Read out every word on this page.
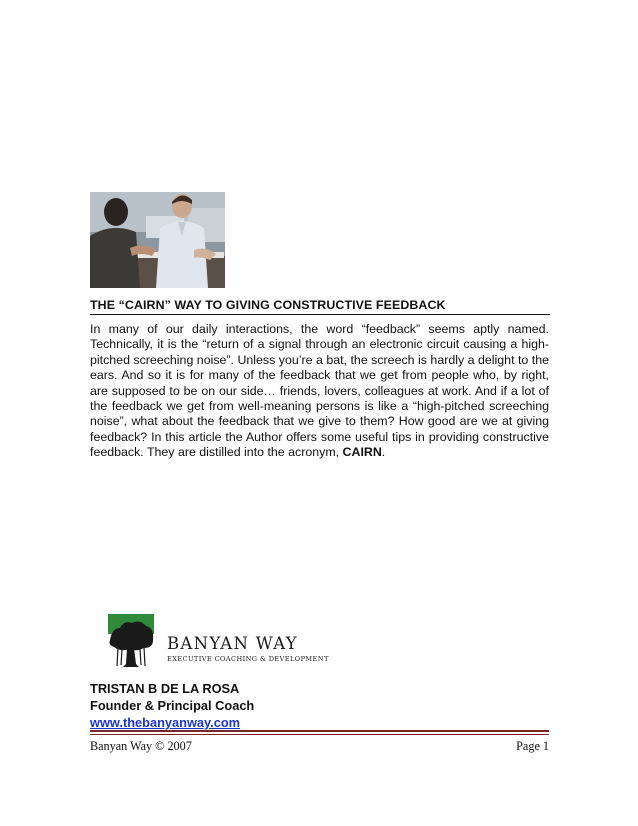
THE “CAIRN” WAY TO GIVING CONSTRUCTIVE FEEDBACK

In many of our daily interactions, the word “feedback” seems aptly named. Technically, it is the “return of a signal through an electronic circuit causing a high-pitched screeching noise”. Unless you’re a bat, the screech is hardly a delight to the ears. And so it is for many of the feedback that we get from people who, by right, are supposed to be on our side… friends, lovers, colleagues at work. And if a lot of the feedback we get from well-meaning persons is like a “high-pitched screeching noise”, what about the feedback that we give to them? How good are we at giving feedback? In this article the Author offers some useful tips in providing constructive feedback. They are distilled into the acronym, CAIRN.

BANYAN WAY
EXECUTIVE COACHING & DEVELOPMENT
TRISTAN B DE LA ROSA
Founder & Principal Coach
www.thebanyanway.com
Banyan Way © 2007	Page 1
